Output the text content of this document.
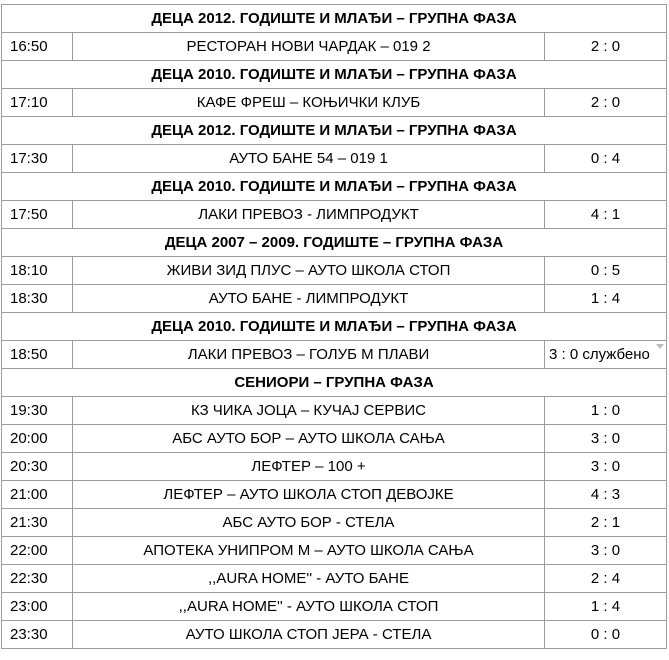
ДЕЦА 2012. ГОДИШТЕ И МЛАЂИ – ГРУПНА ФАЗА		
16:50	РЕСТОРАН НОВИ ЧАРДАК – 019 2	2 : 0
ДЕЦА 2010. ГОДИШТЕ И МЛАЂИ – ГРУПНА ФАЗА		
17:10	КАФЕ ФРЕШ – КОЊИЧКИ КЛУБ	2 : 0
ДЕЦА 2012. ГОДИШТЕ И МЛАЂИ – ГРУПНА ФАЗА		
17:30	АУТО БАНЕ 54 – 019 1	0 : 4
ДЕЦА 2010. ГОДИШТЕ И МЛАЂИ – ГРУПНА ФАЗА		
17:50	ЛАКИ ПРЕВОЗ - ЛИМПРОДУКТ	4 : 1
ДЕЦА 2007 – 2009. ГОДИШТЕ – ГРУПНА ФАЗА		
18:10	ЖИВИ ЗИД ПЛУС – АУТО ШКОЛА СТОП	0 : 5
18:30	АУТО БАНЕ - ЛИМПРОДУКТ	1 : 4
ДЕЦА 2010. ГОДИШТЕ И МЛАЂИ – ГРУПНА ФАЗА		
18:50	ЛАКИ ПРЕВОЗ – ГОЛУБ М ПЛАВИ	3 : 0 службено

СЕНИОРИ – ГРУПНА ФАЗА		
19:30	КЗ ЧИКА ЈОЦА – КУЧАЈ СЕРВИС	1 : 0
20:00	АБС АУТО БОР – АУТО ШКОЛА САЊА	3 : 0
20:30	ЛЕФТЕР – 100 +	3 : 0
21:00	ЛЕФТЕР – АУТО ШКОЛА СТОП ДЕВОЈКЕ	4 : 3
21:30	АБС АУТО БОР - СТЕЛА	2 : 1
22:00	АПОТЕКА УНИПРОМ М – АУТО ШКОЛА САЊА	3 : 0
22:30	,,AURA HOME'' - АУТО БАНЕ	2 : 4
23:00	,,AURA HOME'' - АУТО ШКОЛА СТОП	1 : 4
23:30	АУТО ШКОЛА СТОП ЈЕРА - СТЕЛА	0 : 0
